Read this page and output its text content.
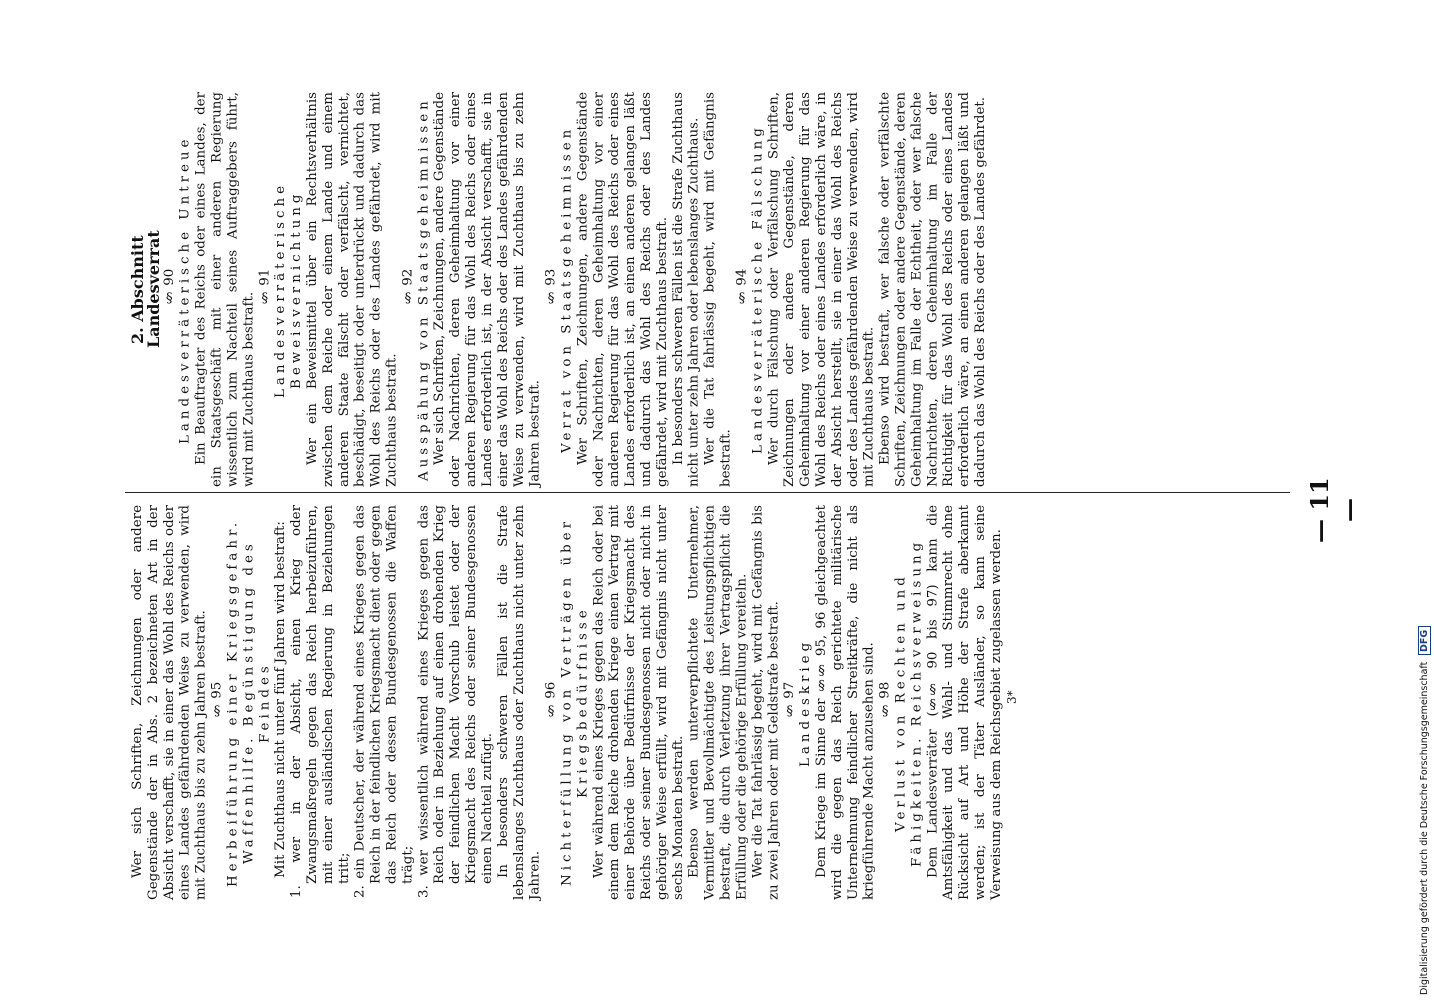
2. Abschnitt
Landesverrat
§ 90 Landesverräterische Untreue Ein Beauftragter des Reichs oder eines Landes, der ein Staatsgeschäft mit einer anderen Regierung wissentlich zum Nachteil seines Auftraggebers führt, wird mit Zuchthaus bestraft.

§ 91 Landesverräterische Beweisvernichtung Wer ein Beweismittel über ein Rechtsverhältnis zwischen dem Reiche oder einem Lande und einem anderen Staate fälscht oder verfälscht, vernichtet, beschädigt, beseitigt oder unterdrückt und dadurch das Wohl des Reichs oder des Landes gefährdet, wird mit Zuchthaus bestraft.

§ 92 Ausspähung von Staatsgeheimnissen Wer sich Schriften, Zeichnungen, andere Gegenstände oder Nachrichten, deren Geheimhaltung vor einer anderen Regierung für das Wohl des Reichs oder eines Landes erforderlich ist, in der Absicht verschafft, sie in einer das Wohl des Reichs oder des Landes gefährdenden Weise zu verwenden, wird mit Zuchthaus bis zu zehn Jahren bestraft.

§ 93 Verrat von Staatsgeheimnissen Wer Schriften, Zeichnungen, andere Gegenstände oder Nachrichten, deren Geheimhaltung vor einer anderen Regierung für das Wohl des Reichs oder eines Landes erforderlich ist, an einen anderen gelangen läßt und dadurch das Wohl des Reichs oder des Landes gefährdet, wird mit Zuchthaus bestraft. In besonders schweren Fällen ist die Strafe Zuchthaus nicht unter zehn Jahren oder lebenslanges Zuchthaus. Wer die Tat fahrlässig begeht, wird mit Gefängnis bestraft.

§ 94 Landesverräterische Fälschung Wer durch Fälschung oder Verfälschung Schriften, Zeichnungen oder andere Gegenstände, deren Geheimhaltung vor einer anderen Regierung für das Wohl des Reichs oder eines Landes erforderlich wäre, in der Absicht herstellt, sie in einer das Wohl des Reichs oder des Landes gefährdenden Weise zu verwenden, wird mit Zuchthaus bestraft. Ebenso wird bestraft, wer falsche oder verfälschte Schriften, Zeichnungen oder andere Gegenstände, deren Geheimhaltung im Falle der Echtheit, oder wer falsche Nachrichten, deren Geheimhaltung im Falle der Richtigkeit für das Wohl des Reichs oder eines Landes erforderlich wäre, an einen anderen gelangen läßt und dadurch das Wohl des Reichs oder des Landes gefährdet.

— 11 —

Wer sich Schriften, Zeichnungen oder andere Gegenstände der in Abs. 2 bezeichneten Art in der Absicht verschafft, sie in einer das Wohl des Reichs oder eines Landes gefährdenden Weise zu verwenden, wird mit Zuchthaus bis zu zehn Jahren bestraft. § 95 Herbeiführung einer Kriegsgefahr. Waffenhilfe. Begünstigung des Feindes Mit Zuchthaus nicht unter fünf Jahren wird bestraft: 1. wer in der Absicht, einen Krieg oder Zwangsmaßregeln gegen das Reich herbeizuführen, mit einer ausländischen Regierung in Beziehungen tritt; 2. ein Deutscher, der während eines Krieges gegen das Reich in der feindlichen Kriegsmacht dient oder gegen das Reich oder dessen Bundesgenossen die Waffen trägt; 3. wer wissentlich während eines Krieges gegen das Reich oder in Beziehung auf einen drohenden Krieg der feindlichen Macht Vorschub leistet oder der Kriegsmacht des Reichs oder seiner Bundesgenossen einen Nachteil zufügt. In besonders schweren Fällen ist die Strafe lebenslanges Zuchthaus oder Zuchthaus nicht unter zehn Jahren.

§ 96 Nichterfüllung von Verträgen über Kriegsbedürfnisse Wer während eines Krieges gegen das Reich oder bei einem dem Reiche drohenden Kriege einen Vertrag mit einer Behörde über Bedürfnisse der Kriegsmacht des Reichs oder seiner Bundesgenossen nicht oder nicht in gehöriger Weise erfüllt, wird mit Gefängnis nicht unter sechs Monaten bestraft. Ebenso werden unterverpflichtete Unternehmer, Vermittler und Bevollmächtigte des Leistungspflichtigen bestraft, die durch Verletzung ihrer Vertragspflicht die Erfüllung oder die gehörige Erfüllung vereiteln. Wer die Tat fahrlässig begeht, wird mit Gefängnis bis zu zwei Jahren oder mit Geldstrafe bestraft. § 97 Landeskrieg Dem Kriege im Sinne der §§ 95, 96 gleichgeachtet wird die gegen das Reich gerichtete militärische Unternehmung feindlicher Streitkräfte, die nicht als kriegführende Macht anzusehen sind. § 98 Verlust von Rechten und Fähigkeiten. Reichsverweisung Dem Landesverräter (§§ 90 bis 97) kann die Amtsfähigkeit und das Wahl- und Stimmrecht ohne Rücksicht auf Art und Höhe der Strafe aberkannt werden; ist der Täter Ausländer, so kann seine Verweisung aus dem Reichsgebiet zugelassen werden. 3*	Digitalisierung gefördert durch die Deutsche Forschungsgemeinschaft DFG
